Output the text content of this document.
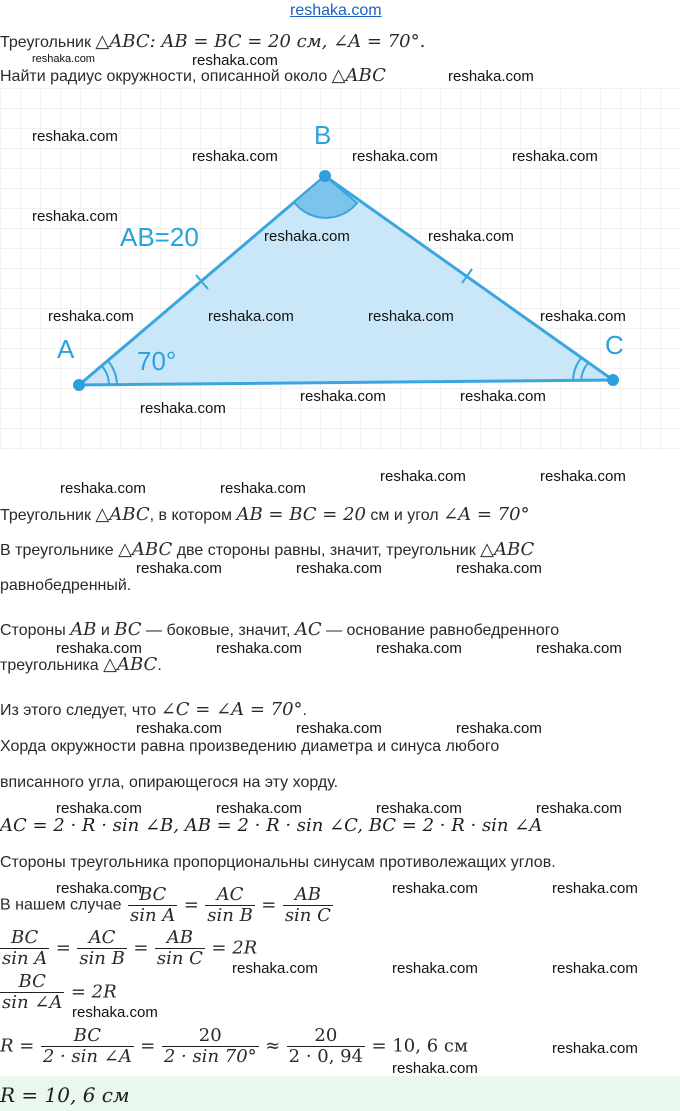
reshaka.com
Треугольник △ABC: AB = BC = 20 см, ∠A = 70°.
Найти радиус окружности, описанной около △ABC
A
B
C
AB=20
70°
Треугольник △ABC, в котором AB = BC = 20 см и угол ∠A = 70°
В треугольнике △ABC две стороны равны, значит, треугольник △ABC
равнобедренный.
Стороны AB и BC — боковые, значит, AC — основание равнобедренного
треугольника △ABC.
Из этого следует, что ∠C = ∠A = 70°.
Хорда окружности равна произведению диаметра и синуса любого
вписанного угла, опирающегося на эту хорду.
AC = 2 · R · sin ∠B, AB = 2 · R · sin ∠C, BC = 2 · R · sin ∠A
Стороны треугольника пропорциональны синусам противолежащих углов.
В нашем случае $\frac{BC}{\text{sin A}} = \frac{AC}{\text{sin B}} = \frac{AB}{\text{sin C}}$
$\frac{BC}{\text{sin A}} = \frac{AC}{\text{sin B}} = \frac{AB}{\text{sin C}} = 2R$
$\frac{BC}{\sin \angle A} = 2R$
$R = \frac{BC}{2 \cdot \sin \angle A} = \frac{20}{2 \cdot \sin 70^\circ} \approx \frac{20}{2 \cdot 0, 94} = 10$, 6 см
R = 10, 6 см
reshaka.com	reshaka.com
reshaka.com
reshaka.com
reshaka.com	reshaka.com	reshaka.com
reshaka.com
reshaka.com	reshaka.com
reshaka.com	reshaka.com	reshaka.com	reshaka.com
reshaka.com	reshaka.com
reshaka.com
reshaka.com	reshaka.com
reshaka.com	reshaka.com
reshaka.com	reshaka.com	reshaka.com
reshaka.com	reshaka.com	reshaka.com	reshaka.com
reshaka.com	reshaka.com	reshaka.com
reshaka.com	reshaka.com	reshaka.com	reshaka.com
reshaka.com	reshaka.com	reshaka.com
reshaka.com	reshaka.com	reshaka.com
reshaka.com
reshaka.com
reshaka.com
